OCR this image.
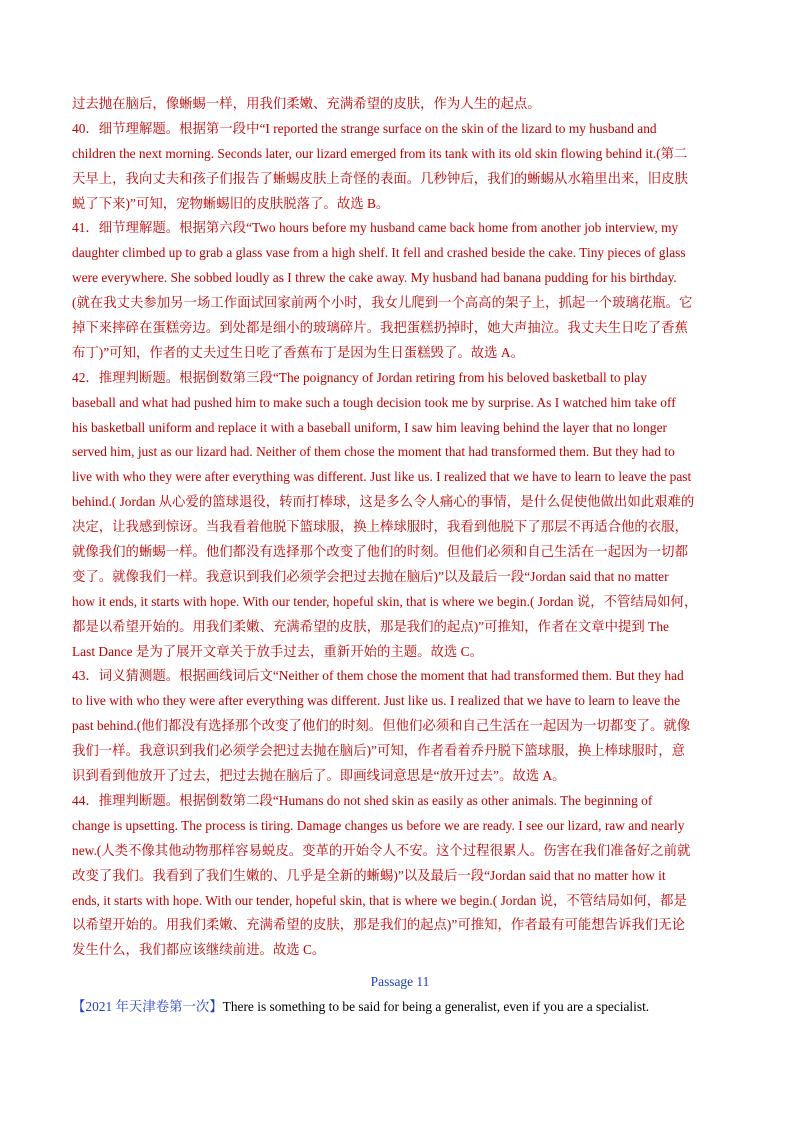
过去抛在脑后，像蜥蜴一样，用我们柔嫩、充满希望的皮肤，作为人生的起点。
40．细节理解题。根据第一段中“I reported the strange surface on the skin of the lizard to my husband and
children the next morning. Seconds later, our lizard emerged from its tank with its old skin flowing behind it.(第二
天早上，我向丈夫和孩子们报告了蜥蜴皮肤上奇怪的表面。几秒钟后，我们的蜥蜴从水箱里出来，旧皮肤
蜕了下来)”可知，宠物蜥蜴旧的皮肤脱落了。故选 B。
41．细节理解题。根据第六段“Two hours before my husband came back home from another job interview, my
daughter climbed up to grab a glass vase from a high shelf. It fell and crashed beside the cake. Tiny pieces of glass
were everywhere. She sobbed loudly as I threw the cake away. My husband had banana pudding for his birthday.
(就在我丈夫参加另一场工作面试回家前两个小时，我女儿爬到一个高高的架子上，抓起一个玻璃花瓶。它
掉下来摔碎在蛋糕旁边。到处都是细小的玻璃碎片。我把蛋糕扔掉时，她大声抽泣。我丈夫生日吃了香蕉
布丁)”可知，作者的丈夫过生日吃了香蕉布丁是因为生日蛋糕毁了。故选 A。
42．推理判断题。根据倒数第三段“The poignancy of Jordan retiring from his beloved basketball to play
baseball and what had pushed him to make such a tough decision took me by surprise. As I watched him take off
his basketball uniform and replace it with a baseball uniform, I saw him leaving behind the layer that no longer
served him, just as our lizard had. Neither of them chose the moment that had transformed them. But they had to
live with who they were after everything was different. Just like us. I realized that we have to learn to leave the past
behind.( Jordan 从心爱的篮球退役，转而打棒球，这是多么令人痛心的事情，是什么促使他做出如此艰难的
决定，让我感到惊讶。当我看着他脱下篮球服，换上棒球服时，我看到他脱下了那层不再适合他的衣服，
就像我们的蜥蜴一样。他们都没有选择那个改变了他们的时刻。但他们必须和自己生活在一起因为一切都
变了。就像我们一样。我意识到我们必须学会把过去抛在脑后)”以及最后一段“Jordan said that no matter
how it ends, it starts with hope. With our tender, hopeful skin, that is where we begin.( Jordan 说，不管结局如何，
都是以希望开始的。用我们柔嫩、充满希望的皮肤，那是我们的起点)”可推知，作者在文章中提到 The
Last Dance 是为了展开文章关于放手过去，重新开始的主题。故选 C。
43．词义猜测题。根据画线词后文“Neither of them chose the moment that had transformed them. But they had
to live with who they were after everything was different. Just like us. I realized that we have to learn to leave the
past behind.(他们都没有选择那个改变了他们的时刻。但他们必须和自己生活在一起因为一切都变了。就像
我们一样。我意识到我们必须学会把过去抛在脑后)”可知，作者看着乔丹脱下篮球服，换上棒球服时，意
识到看到他放开了过去，把过去抛在脑后了。即画线词意思是“放开过去”。故选 A。
44．推理判断题。根据倒数第二段“Humans do not shed skin as easily as other animals. The beginning of
change is upsetting. The process is tiring. Damage changes us before we are ready. I see our lizard, raw and nearly
new.(人类不像其他动物那样容易蜕皮。变革的开始令人不安。这个过程很累人。伤害在我们准备好之前就
改变了我们。我看到了我们生嫩的、几乎是全新的蜥蜴)”以及最后一段“Jordan said that no matter how it
ends, it starts with hope. With our tender, hopeful skin, that is where we begin.( Jordan 说，不管结局如何，都是
以希望开始的。用我们柔嫩、充满希望的皮肤，那是我们的起点)”可推知，作者最有可能想告诉我们无论
发生什么，我们都应该继续前进。故选 C。
Passage 11
【2021 年天津卷第一次】There is something to be said for being a generalist, even if you are a specialist.
